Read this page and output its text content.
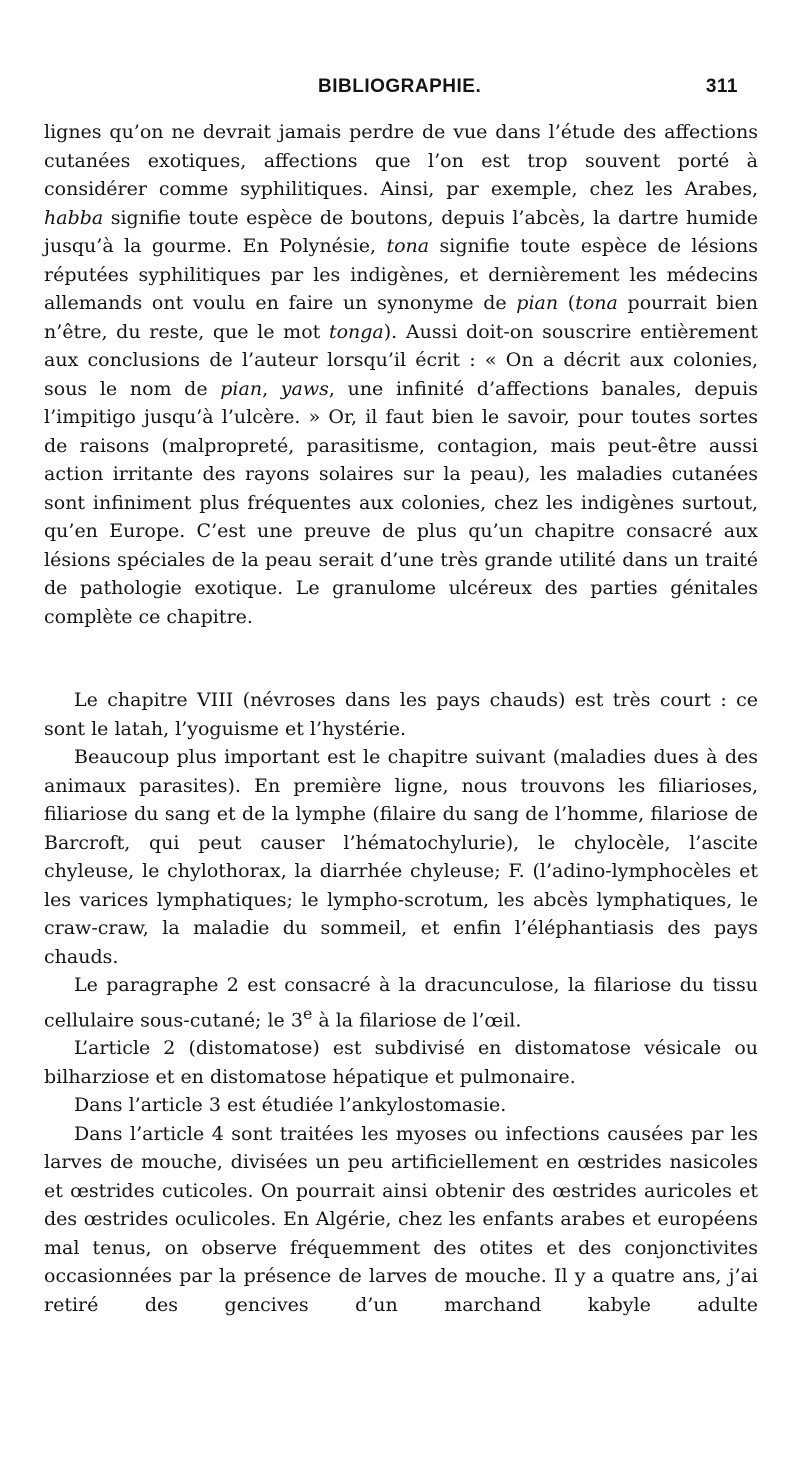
BIBLIOGRAPHIE.	311

lignes qu’on ne devrait jamais perdre de vue dans l’étude des affections cutanées exotiques, affections que l’on est trop souvent porté à considérer comme syphilitiques. Ainsi, par exemple, chez les Arabes, habba signifie toute espèce de boutons, depuis l’abcès, la dartre humide jusqu’à la gourme. En Polynésie, tona signifie toute espèce de lésions réputées syphilitiques par les indigènes, et dernièrement les médecins allemands ont voulu en faire un synonyme de pian (tona pourrait bien n’être, du reste, que le mot tonga). Aussi doit-on souscrire entièrement aux conclusions de l’auteur lorsqu’il écrit : « On a décrit aux colonies, sous le nom de pian, yaws, une infinité d’affections banales, depuis l’impitigo jusqu’à l’ulcère. » Or, il faut bien le savoir, pour toutes sortes de raisons (malpropreté, parasitisme, contagion, mais peut-être aussi action irritante des rayons solaires sur la peau), les maladies cutanées sont infiniment plus fréquentes aux colonies, chez les indigènes surtout, qu’en Europe. C’est une preuve de plus qu’un chapitre consacré aux lésions spéciales de la peau serait d’une très grande utilité dans un traité de pathologie exotique. Le granulome ulcéreux des parties génitales complète ce chapitre.

Le chapitre VIII (névroses dans les pays chauds) est très court : ce sont le latah, l’yoguisme et l’hystérie.

Beaucoup plus important est le chapitre suivant (maladies dues à des animaux parasites). En première ligne, nous trouvons les filiarioses, filiariose du sang et de la lymphe (filaire du sang de l’homme, filariose de Barcroft, qui peut causer l’hématochylurie), le chylocèle, l’ascite chyleuse, le chylothorax, la diarrhée chyleuse; F. (l’adino-lymphocèles et les varices lymphatiques; le lympho-scrotum, les abcès lymphatiques, le craw-craw, la maladie du sommeil, et enfin l’éléphantiasis des pays chauds.

Le paragraphe 2 est consacré à la dracunculose, la filariose du tissu cellulaire sous-cutané; le 3e à la filariose de l’œil.

L’article 2 (distomatose) est subdivisé en distomatose vésicale ou bilharziose et en distomatose hépatique et pulmonaire.

Dans l’article 3 est étudiée l’ankylostomasie.

Dans l’article 4 sont traitées les myoses ou infections causées par les larves de mouche, divisées un peu artificiellement en œstrides nasicoles et œstrides cuticoles. On pourrait ainsi obtenir des œstrides auricoles et des œstrides oculicoles. En Algérie, chez les enfants arabes et européens mal tenus, on observe fréquemment des otites et des conjonctivites occasionnées par la présence de larves de mouche. Il y a quatre ans, j’ai retiré des gencives d’un marchand kabyle adulte
